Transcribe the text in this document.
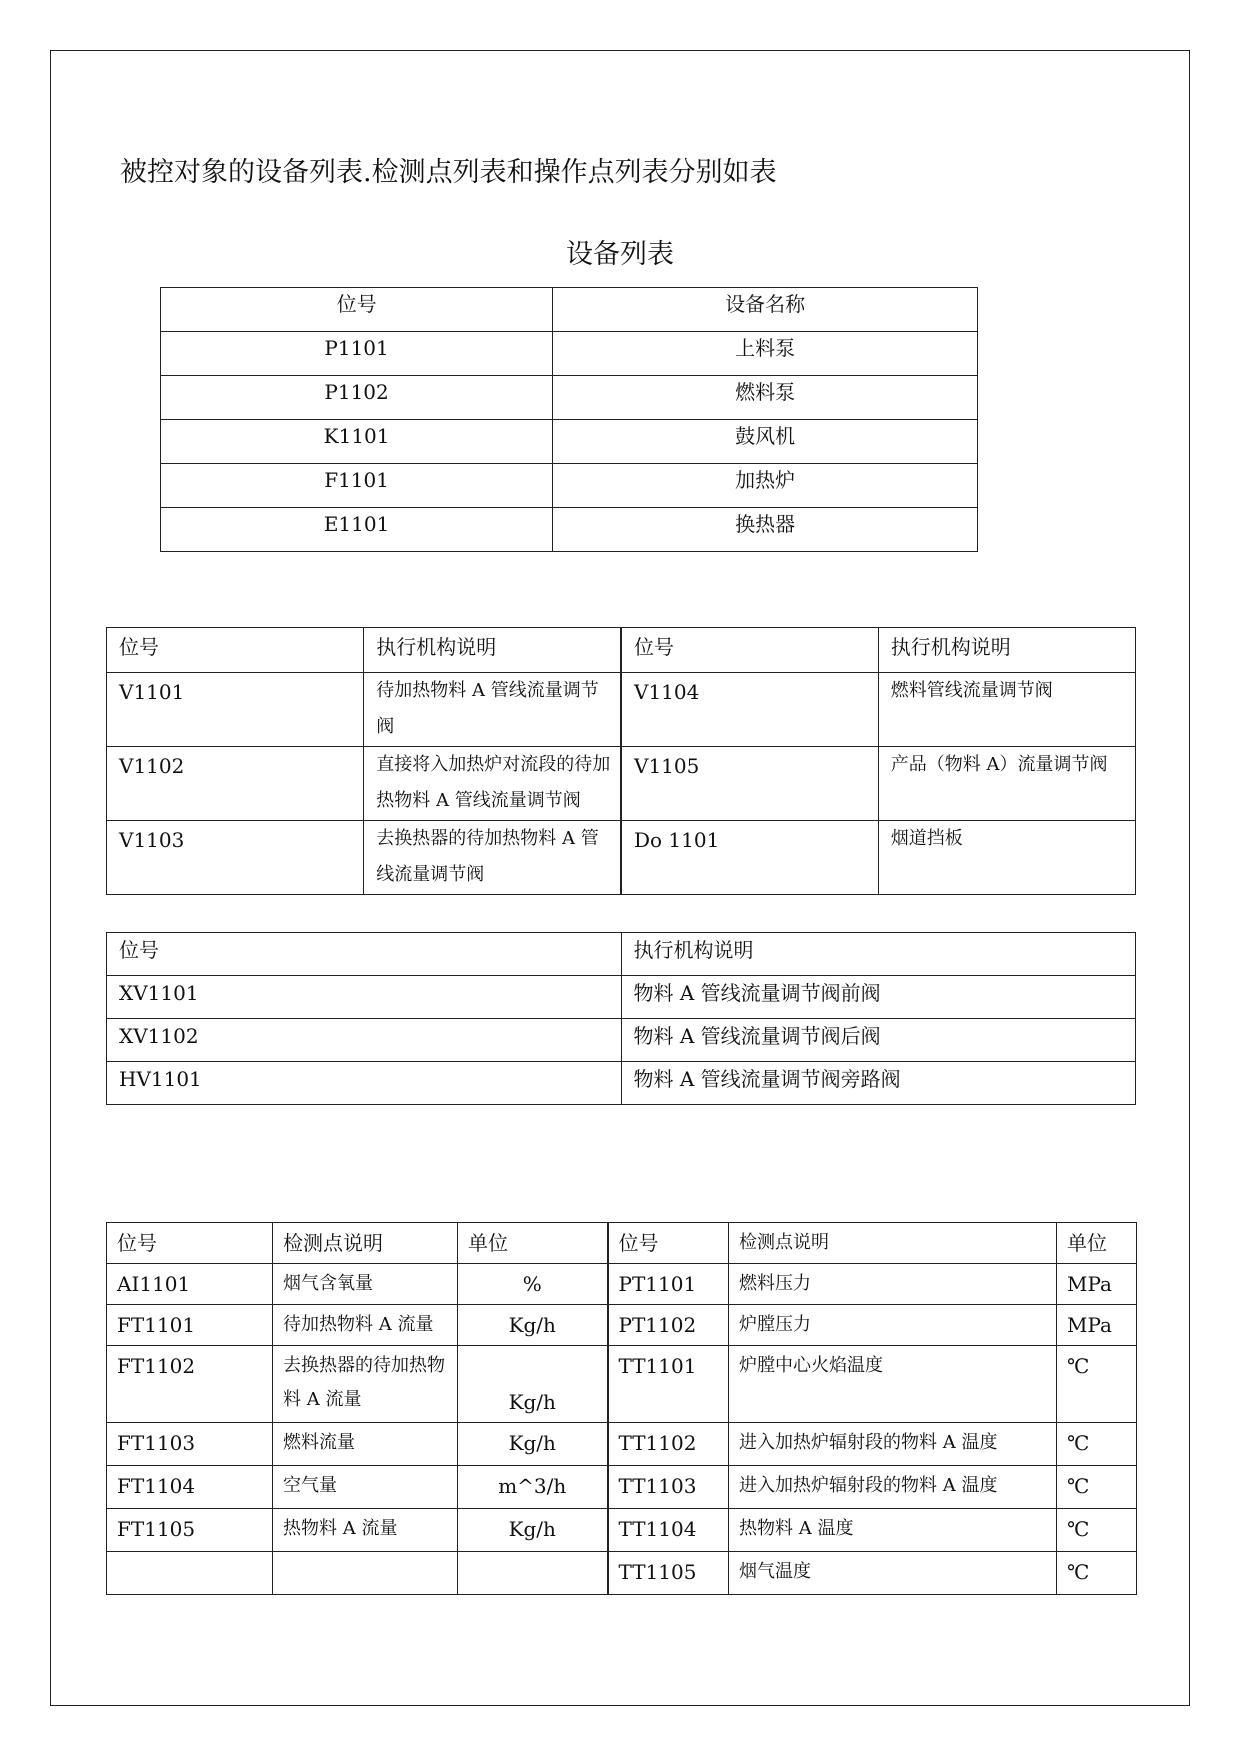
被控对象的设备列表.检测点列表和操作点列表分别如表
设备列表
位号	设备名称
P1101	上料泵
P1102	燃料泵
K1101	鼓风机
F1101	加热炉
E1101	换热器
位号	执行机构说明	位号	执行机构说明
V1101	待加热物料 A 管线流量调节阀	V1104	燃料管线流量调节阀
V1102	直接将入加热炉对流段的待加热物料 A 管线流量调节阀	V1105	产品（物料 A）流量调节阀
V1103	去换热器的待加热物料 A 管线流量调节阀	Do 1101	烟道挡板
位号	执行机构说明
XV1101	物料 A 管线流量调节阀前阀
XV1102	物料 A 管线流量调节阀后阀
HV1101	物料 A 管线流量调节阀旁路阀
位号	检测点说明	单位	位号	检测点说明	单位
AI1101	烟气含氧量	%	PT1101	燃料压力	MPa
FT1101	待加热物料 A 流量	Kg/h	PT1102	炉膛压力	MPa
FT1102	去换热器的待加热物料 A 流量	Kg/h	TT1101	炉膛中心火焰温度	℃
FT1103	燃料流量	Kg/h	TT1102	进入加热炉辐射段的物料 A 温度	℃
FT1104	空气量	m^3/h	TT1103	进入加热炉辐射段的物料 A 温度	℃
FT1105	热物料 A 流量	Kg/h	TT1104	热物料 A 温度	℃
			TT1105	烟气温度	℃
